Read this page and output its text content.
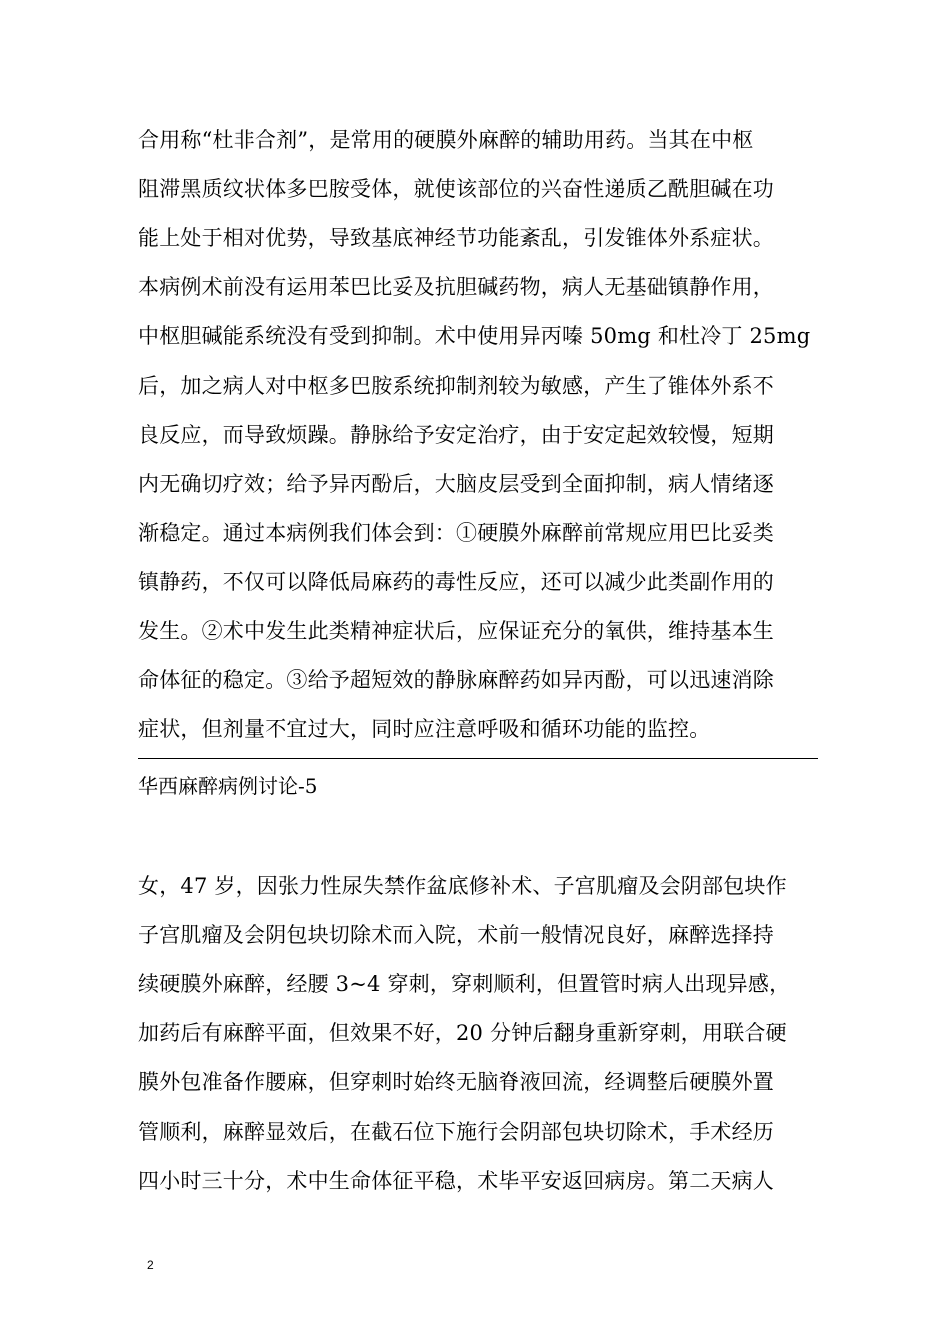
合用称“杜非合剂”，是常用的硬膜外麻醉的辅助用药。当其在中枢
阻滞黑质纹状体多巴胺受体，就使该部位的兴奋性递质乙酰胆碱在功
能上处于相对优势，导致基底神经节功能紊乱，引发锥体外系症状。
本病例术前没有运用苯巴比妥及抗胆碱药物，病人无基础镇静作用，
中枢胆碱能系统没有受到抑制。术中使用异丙嗪 50mg 和杜冷丁 25mg
后，加之病人对中枢多巴胺系统抑制剂较为敏感，产生了锥体外系不
良反应，而导致烦躁。静脉给予安定治疗，由于安定起效较慢，短期
内无确切疗效；给予异丙酚后，大脑皮层受到全面抑制，病人情绪逐
渐稳定。通过本病例我们体会到：①硬膜外麻醉前常规应用巴比妥类
镇静药，不仅可以降低局麻药的毒性反应，还可以减少此类副作用的
发生。②术中发生此类精神症状后，应保证充分的氧供，维持基本生
命体征的稳定。③给予超短效的静脉麻醉药如异丙酚，可以迅速消除
症状，但剂量不宜过大，同时应注意呼吸和循环功能的监控。
华西麻醉病例讨论-5
女，47 岁，因张力性尿失禁作盆底修补术、子宫肌瘤及会阴部包块作
子宫肌瘤及会阴包块切除术而入院，术前一般情况良好，麻醉选择持
续硬膜外麻醉，经腰 3~4 穿刺，穿刺顺利，但置管时病人出现异感，
加药后有麻醉平面，但效果不好，20 分钟后翻身重新穿刺，用联合硬
膜外包准备作腰麻，但穿刺时始终无脑脊液回流，经调整后硬膜外置
管顺利，麻醉显效后，在截石位下施行会阴部包块切除术，手术经历
四小时三十分，术中生命体征平稳，术毕平安返回病房。第二天病人
2
